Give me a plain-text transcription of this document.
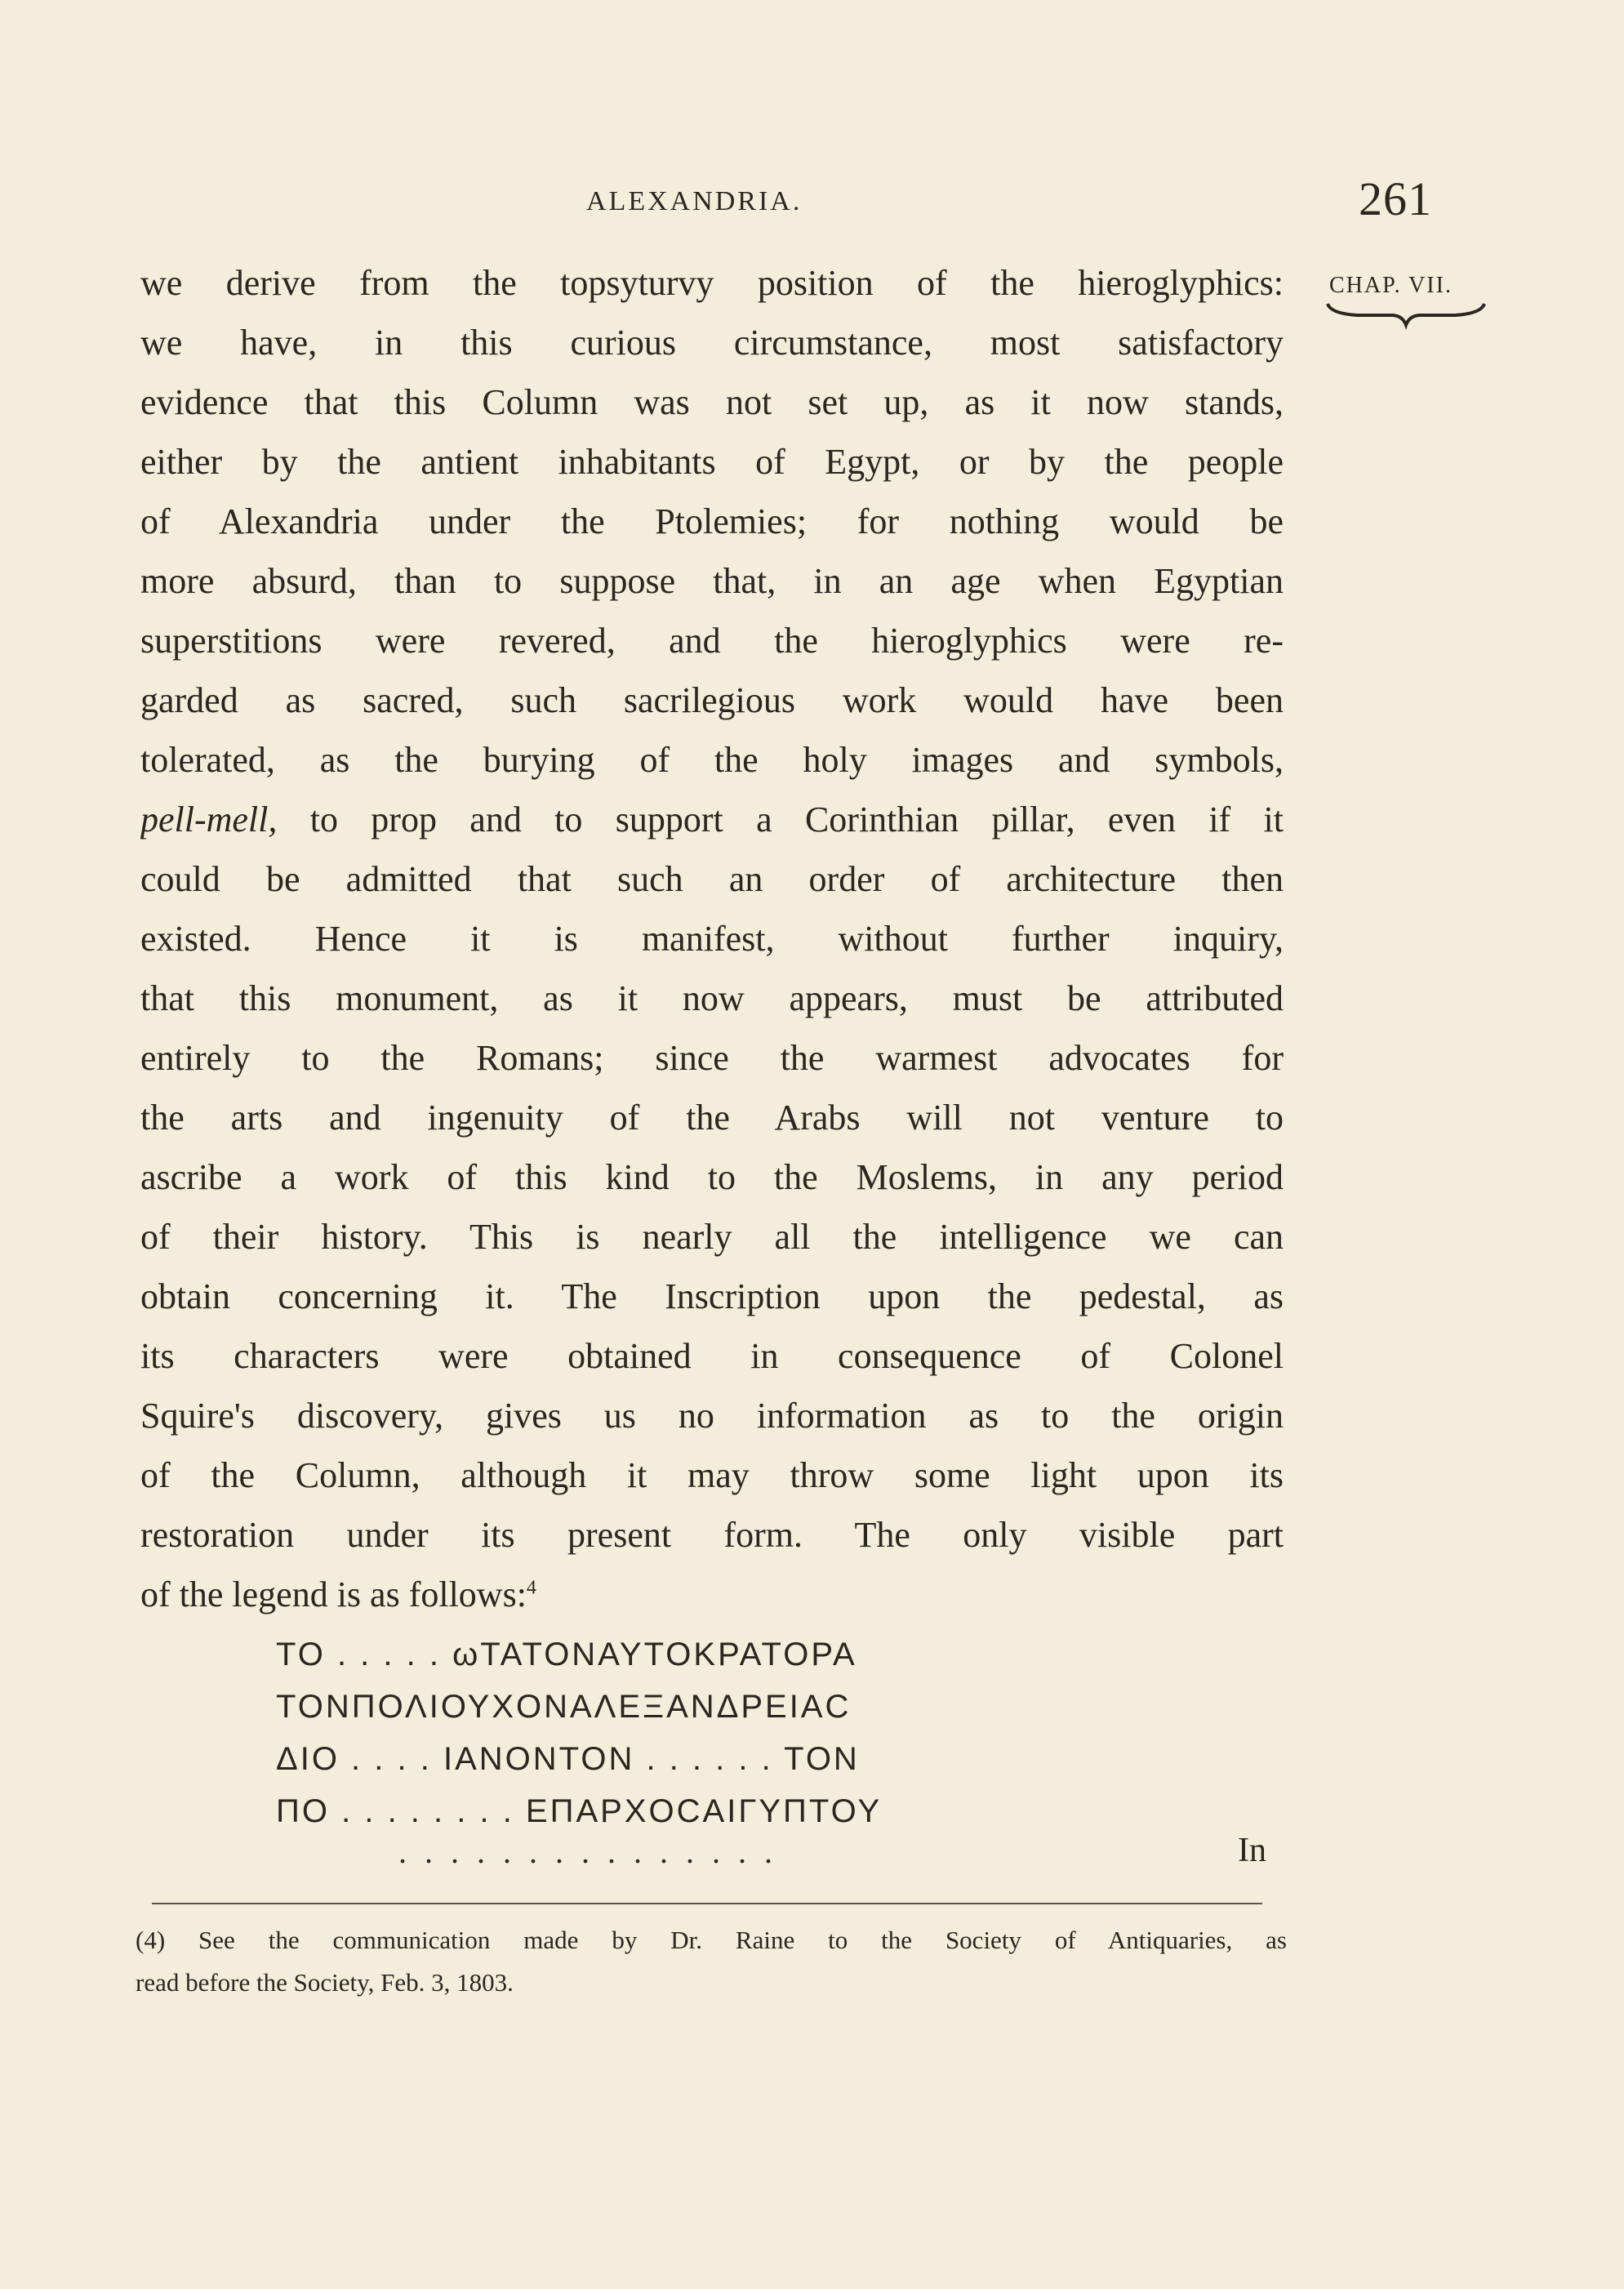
ALEXANDRIA.	261
CHAP. VII.
we derive from the topsyturvy position of the hieroglyphics:
we have, in this curious circumstance, most satisfactory
evidence that this Column was not set up, as it now stands,
either by the antient inhabitants of Egypt, or by the people
of Alexandria under the Ptolemies; for nothing would be
more absurd, than to suppose that, in an age when Egyptian
superstitions were revered, and the hieroglyphics were re-
garded as sacred, such sacrilegious work would have been
tolerated, as the burying of the holy images and symbols,
pell-mell, to prop and to support a Corinthian pillar, even if it
could be admitted that such an order of architecture then
existed. Hence it is manifest, without further inquiry,
that this monument, as it now appears, must be attributed
entirely to the Romans; since the warmest advocates for
the arts and ingenuity of the Arabs will not venture to
ascribe a work of this kind to the Moslems, in any period
of their history. This is nearly all the intelligence we can
obtain concerning it. The Inscription upon the pedestal, as
its characters were obtained in consequence of Colonel
Squire's discovery, gives us no information as to the origin
of the Column, although it may throw some light upon its
restoration under its present form. The only visible part
of the legend is as follows:$^4$
TO . . . . . ωΤΑΤΟΝΑΥΤΟΚΡΑΤΟΡΑ
TONΠΟΛΙΟΥΧΟΝΑΛΕΞΑΝΔΡΕΙΑC
ΔΙΟ . . . . ΙΑΝΟΝΤΟΝ . . . . . . ΤΟΝ
ΠΟ . . . . . . . . ΕΠΑΡΧΟCΑΙΓΥΠΤΟΥ
. . . . . . . . . . . . . . .	In
(4) See the communication made by Dr. Raine to the Society of Antiquaries, as
read before the Society, Feb. 3, 1803.
